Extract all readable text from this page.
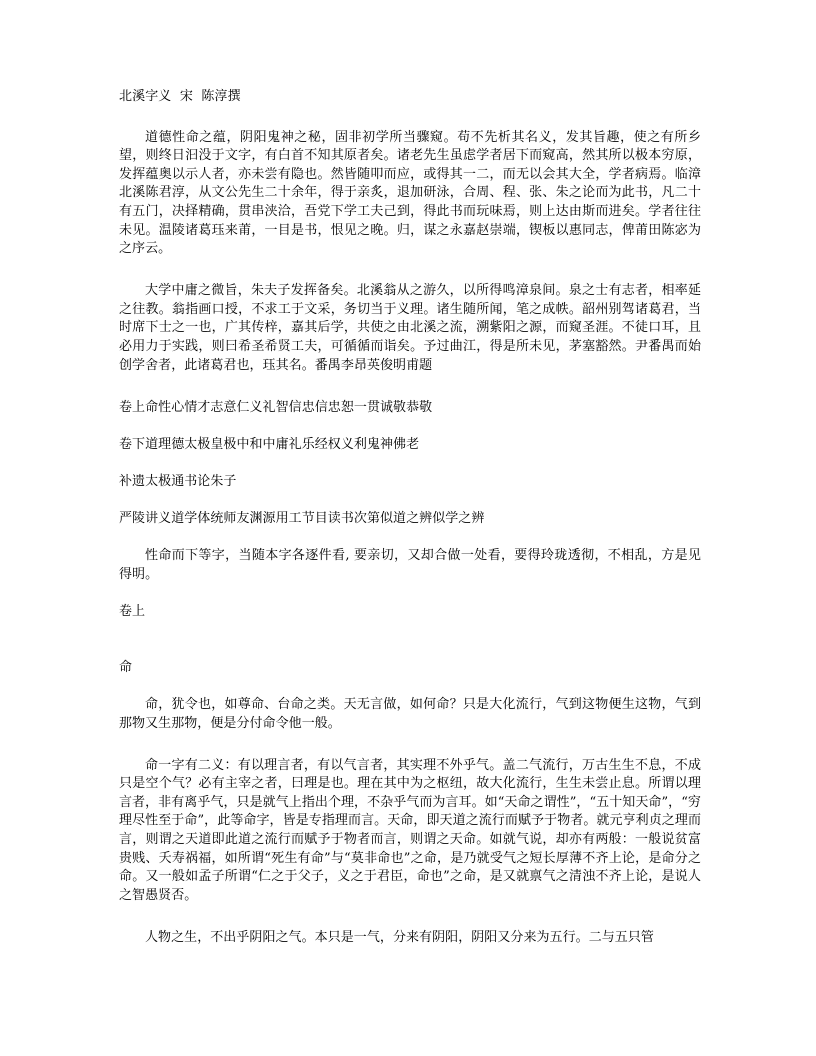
北溪字义  宋  陈淳撰

道德性命之蕴，阴阳鬼神之秘，固非初学所当骤窥。苟不先析其名义，发其旨趣，使之有所乡望，则终日汩没于文字，有白首不知其原者矣。诸老先生虽虑学者居下而窥高，然其所以极本穷原，发挥蕴奥以示人者，亦未尝有隐也。然皆随叩而应，或得其一二，而无以会其大全，学者病焉。临漳北溪陈君淳，从文公先生二十余年，得于亲炙，退加研泳，合周、程、张、朱之论而为此书，凡二十有五门，决择精确，贯串浃洽，吾党下学工夫己到，得此书而玩味焉，则上达由斯而进矣。学者往往未见。温陵诸葛珏来莆，一目是书，恨见之晚。归，谋之永嘉赵崇端，锲板以惠同志，俾莆田陈宓为之序云。

大学中庸之微旨，朱夫子发挥备矣。北溪翁从之游久，以所得鸣漳泉间。泉之士有志者，相率延之往教。翁指画口授，不求工于文采，务切当于义理。诸生随所闻，笔之成帙。韶州别驾诸葛君，当时席下士之一也，广其传梓，嘉其后学，共使之由北溪之流，溯紫阳之源，而窥圣涯。不徒口耳，且必用力于实践，则曰希圣希贤工夫，可循循而诣矣。予过曲江，得是所未见，茅塞豁然。尹番禺而始创学舍者，此诸葛君也，珏其名。番禺李昂英俊明甫题

卷上命性心情才志意仁义礼智信忠信忠恕一贯诚敬恭敬

卷下道理德太极皇极中和中庸礼乐经权义利鬼神佛老

补遗太极通书论朱子

严陵讲义道学体统师友渊源用工节目读书次第似道之辨似学之辨

性命而下等字，当随本字各逐件看, 要亲切，又却合做一处看，要得玲珑透彻，不相乱，方是见得明。

卷上

命

命，犹令也，如尊命、台命之类。天无言做，如何命？只是大化流行，气到这物便生这物，气到那物又生那物，便是分付命令他一般。

命一字有二义：有以理言者，有以气言者，其实理不外乎气。盖二气流行，万古生生不息，不成只是空个气？必有主宰之者，曰理是也。理在其中为之枢纽，故大化流行，生生未尝止息。所谓以理言者，非有离乎气，只是就气上指出个理，不杂乎气而为言耳。如“天命之谓性”，“五十知天命”，“穷理尽性至于命”，此等命字，皆是专指理而言。天命，即天道之流行而赋予于物者。就元亨利贞之理而言，则谓之天道即此道之流行而赋予于物者而言，则谓之天命。如就气说，却亦有两般：一般说贫富贵贱、夭寿祸福，如所谓“死生有命”与“莫非命也”之命，是乃就受气之短长厚薄不齐上论，是命分之命。又一般如孟子所谓“仁之于父子，义之于君臣，命也”之命，是又就禀气之清浊不齐上论，是说人之智愚贤否。

人物之生，不出乎阴阳之气。本只是一气，分来有阴阳，阴阳又分来为五行。二与五只管
